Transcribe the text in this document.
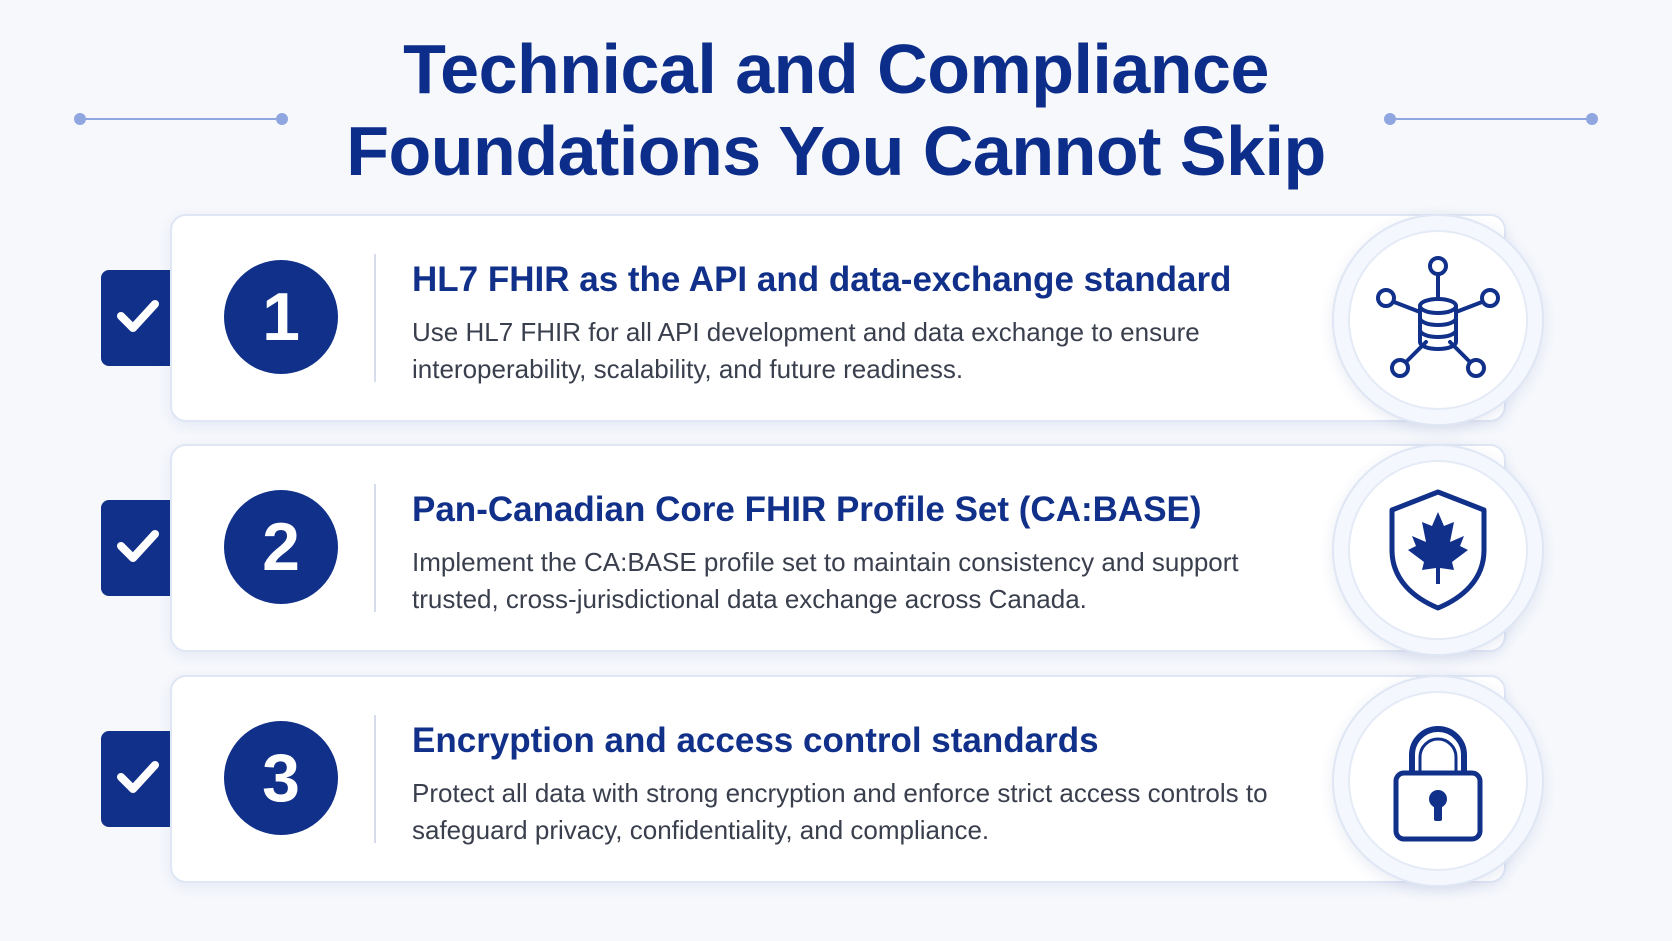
Technical and Compliance
Foundations You Cannot Skip
1	HL7 FHIR as the API and data-exchange standard
Use HL7 FHIR for all API development and data exchange to ensure interoperability, scalability, and future readiness.
2	Pan-Canadian Core FHIR Profile Set (CA:BASE)
Implement the CA:BASE profile set to maintain consistency and support trusted, cross-jurisdictional data exchange across Canada.
3	Encryption and access control standards
Protect all data with strong encryption and enforce strict access controls to safeguard privacy, confidentiality, and compliance.
